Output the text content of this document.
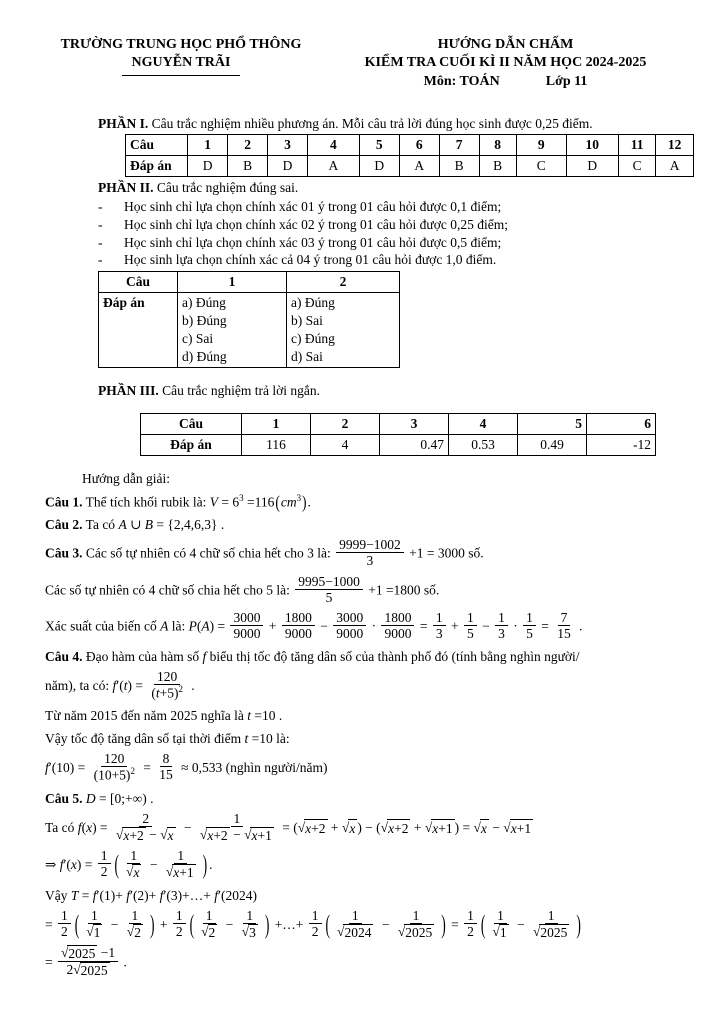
TRƯỜNG TRUNG HỌC PHỔ THÔNG
NGUYỄN TRÃI
HƯỚNG DẪN CHẤM
KIỂM TRA CUỐI KÌ II NĂM HỌC 2024-2025
Môn: TOÁN	Lớp 11
PHẦN I. Câu trắc nghiệm nhiều phương án. Mỗi câu trả lời đúng học sinh được 0,25 điểm.
Câu	1	2	3	4	5	6	7	8	9	10	11	12
Đáp án	D	B	D	A	D	A	B	B	C	D	C	A
PHẦN II. Câu trắc nghiệm đúng sai.
-	Học sinh chỉ lựa chọn chính xác 01 ý trong 01 câu hỏi được 0,1 điểm;
-	Học sinh chỉ lựa chọn chính xác 02 ý trong 01 câu hỏi được 0,25 điểm;
-	Học sinh chỉ lựa chọn chính xác 03 ý trong 01 câu hỏi được 0,5 điểm;
-	Học sinh lựa chọn chính xác cả 04 ý trong 01 câu hỏi được 1,0 điểm.
Câu	1	2
Đáp án	a) Đúng
b) Đúng
c) Sai
d) Đúng

a) Đúng
b) Sai
c) Đúng
d) Sai
PHẦN III. Câu trắc nghiệm trả lời ngắn.
Câu	1	2	3	4	5	6
Đáp án	116	4	0.47	0.53	0.49	-12
Hướng dẫn giải:
Câu 1. Thể tích khối rubik là: $V = 6^3 =116(cm^3)$.
Câu 2. Ta có A ∪ B = {2,4,6,3} .
Câu 3. Các số tự nhiên có 4 chữ số chia hết cho 3 là: $\frac{9999-1002}{3} +1 = 3000$ số.
Các số tự nhiên có 4 chữ số chia hết cho 5 là: $\frac{9995-1000}{5} +1 =1800$ số.
Xác suất của biến cố A là: $P(A) = \frac{3000}{9000} + \frac{1800}{9000} - \frac{3000}{9000} \cdot \frac{1800}{9000} = \frac{1}{3} + \frac{1}{5} - \frac{1}{3} \cdot \frac{1}{5} = \frac{7}{15}$ .
Câu 4. Đạo hàm của hàm số f biểu thị tốc độ tăng dân số của thành phố đó (tính bằng nghìn người/
năm), ta có: $f'(t) = \frac{120}{(t+5)^2}$ .
Từ năm 2015 đến năm 2025 nghĩa là t =10 .
Vậy tốc độ tăng dân số tại thời điểm t =10 là:
$f'(10) = \frac{120}{(10+5)^2} = \frac{8}{15} \approx 0,533$ (nghìn người/năm)
Câu 5. D = [0;+∞) .
Ta có $f(x) = \frac{2}{√ x+2 - √ x} - \frac{1}{√ x+2 - √ x+1}$ = ( √ x+2 + √ x ) − ( √ x+2 + √ x+1 ) = √ x − √ x+1
⇒ $f'(x) = \frac{1}{2}$ ( $\frac{1}{√ x} - \frac{1}{√ x+1}$ ) .
Vậy T = f′(1)+ f′(2)+ f′(3)+…+ f′(2024)
= $\frac{1}{2}$ ( $\frac{1}{√ 1} - \frac{1}{√ 2}$ ) + $\frac{1}{2}$ ( $\frac{1}{√ 2} - \frac{1}{√ 3}$ ) +…+ $\frac{1}{2}$ ( $\frac{1}{√ 2024} - \frac{1}{√ 2025}$ ) = $\frac{1}{2}$ ( $\frac{1}{√ 1} - \frac{1}{√ 2025}$ )
= $\frac{√ 2025 -1}{2 √ 2025}$ .
